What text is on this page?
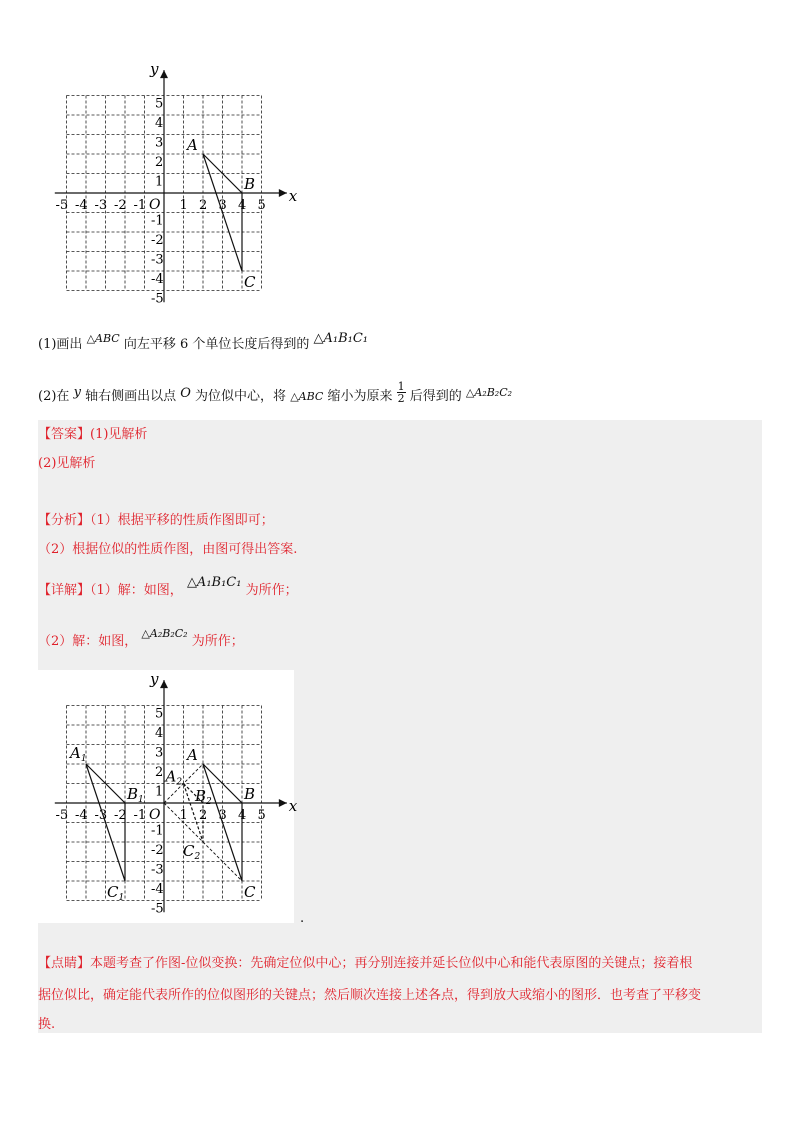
x
y
O
-5 -4 -3 -2 -1	1 2 3 4 5
5
4
3
2
1
-1
-2
-3
-4
-5
A
B
C
(1)画出 $^{\triangle ABC}$ 向左平移 6 个单位长度后得到的 △A₁B₁C₁
(2)在 y 轴右侧画出以点 O 为位似中心，将 △ABC 缩小为原来 $\frac{1}{2}$ 后得到的 $^{\triangle A_2B_2C_2}$
【答案】(1)见解析
(2)见解析
【分析】（1）根据平移的性质作图即可；
（2）根据位似的性质作图，由图可得出答案.
【详解】（1）解：如图， △A₁B₁C₁ 为所作；
（2）解：如图， $^{\triangle A_2B_2C_2}$ 为所作；
x
y
O
-5 -4 -3 -2 -1	1 2 3 4 5
5
4
3
2
1
-1
-2
-3
-4
-5
A
B
C
$A_1$
$B_1$
$C_1$
$A_2$
$B_2$
$C_2$
.
【点睛】本题考查了作图-位似变换：先确定位似中心；再分别连接并延长位似中心和能代表原图的关键点；接着根
据位似比，确定能代表所作的位似图形的关键点；然后顺次连接上述各点，得到放大或缩小的图形．也考查了平移变
换.
